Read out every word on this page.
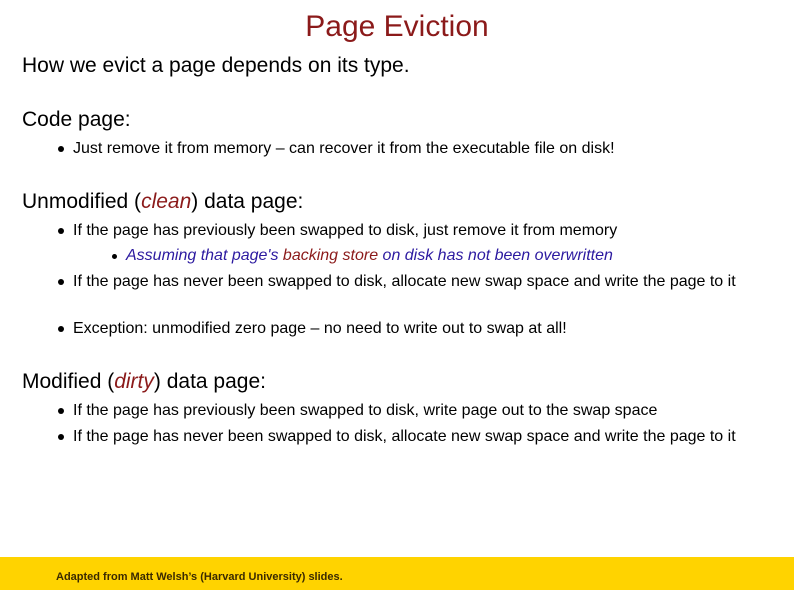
Page Eviction
How we evict a page depends on its type.
Code page:
Just remove it from memory – can recover it from the executable file on disk!
Unmodified (clean) data page:
If the page has previously been swapped to disk, just remove it from memory
Assuming that page's backing store on disk has not been overwritten
If the page has never been swapped to disk, allocate new swap space and write the page to it
Exception: unmodified zero page – no need to write out to swap at all!
Modified (dirty) data page:
If the page has previously been swapped to disk, write page out to the swap space
If the page has never been swapped to disk, allocate new swap space and write the page to it
Adapted from Matt Welsh’s (Harvard University) slides.
